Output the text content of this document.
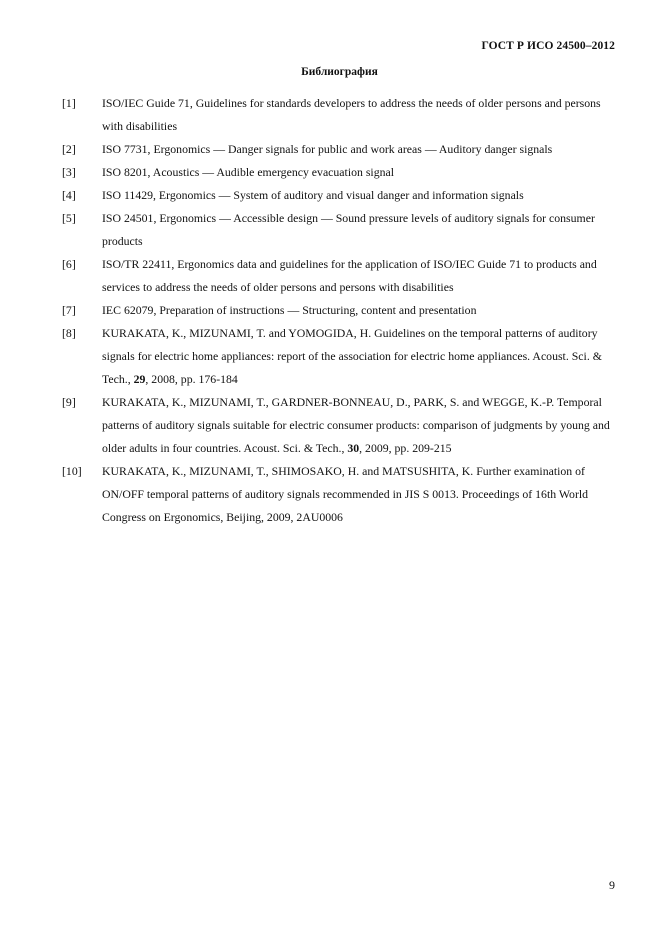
ГОСТ Р ИСО 24500–2012
Библиография
[1]	ISO/IEC Guide 71, Guidelines for standards developers to address the needs of older persons and persons with disabilities
[2]	ISO 7731, Ergonomics — Danger signals for public and work areas — Auditory danger signals
[3]	ISO 8201, Acoustics — Audible emergency evacuation signal
[4]	ISO 11429, Ergonomics — System of auditory and visual danger and information signals
[5]	ISO 24501, Ergonomics — Accessible design — Sound pressure levels of auditory signals for consumer products
[6]	ISO/TR 22411, Ergonomics data and guidelines for the application of ISO/IEC Guide 71 to products and services to address the needs of older persons and persons with disabilities
[7]	IEC 62079, Preparation of instructions — Structuring, content and presentation
[8]	KURAKATA, K., MIZUNAMI, T. and YOMOGIDA, H. Guidelines on the temporal patterns of auditory signals for electric home appliances: report of the association for electric home appliances. Acoust. Sci. & Tech., 29, 2008, pp. 176-184
[9]	KURAKATA, K., MIZUNAMI, T., GARDNER-BONNEAU, D., PARK, S. and WEGGE, K.-P. Temporal patterns of auditory signals suitable for electric consumer products: comparison of judgments by young and older adults in four countries. Acoust. Sci. & Tech., 30, 2009, pp. 209-215
[10]	KURAKATA, K., MIZUNAMI, T., SHIMOSAKO, H. and MATSUSHITA, K. Further examination of ON/OFF temporal patterns of auditory signals recommended in JIS S 0013. Proceedings of 16th World Congress on Ergonomics, Beijing, 2009, 2AU0006
9
